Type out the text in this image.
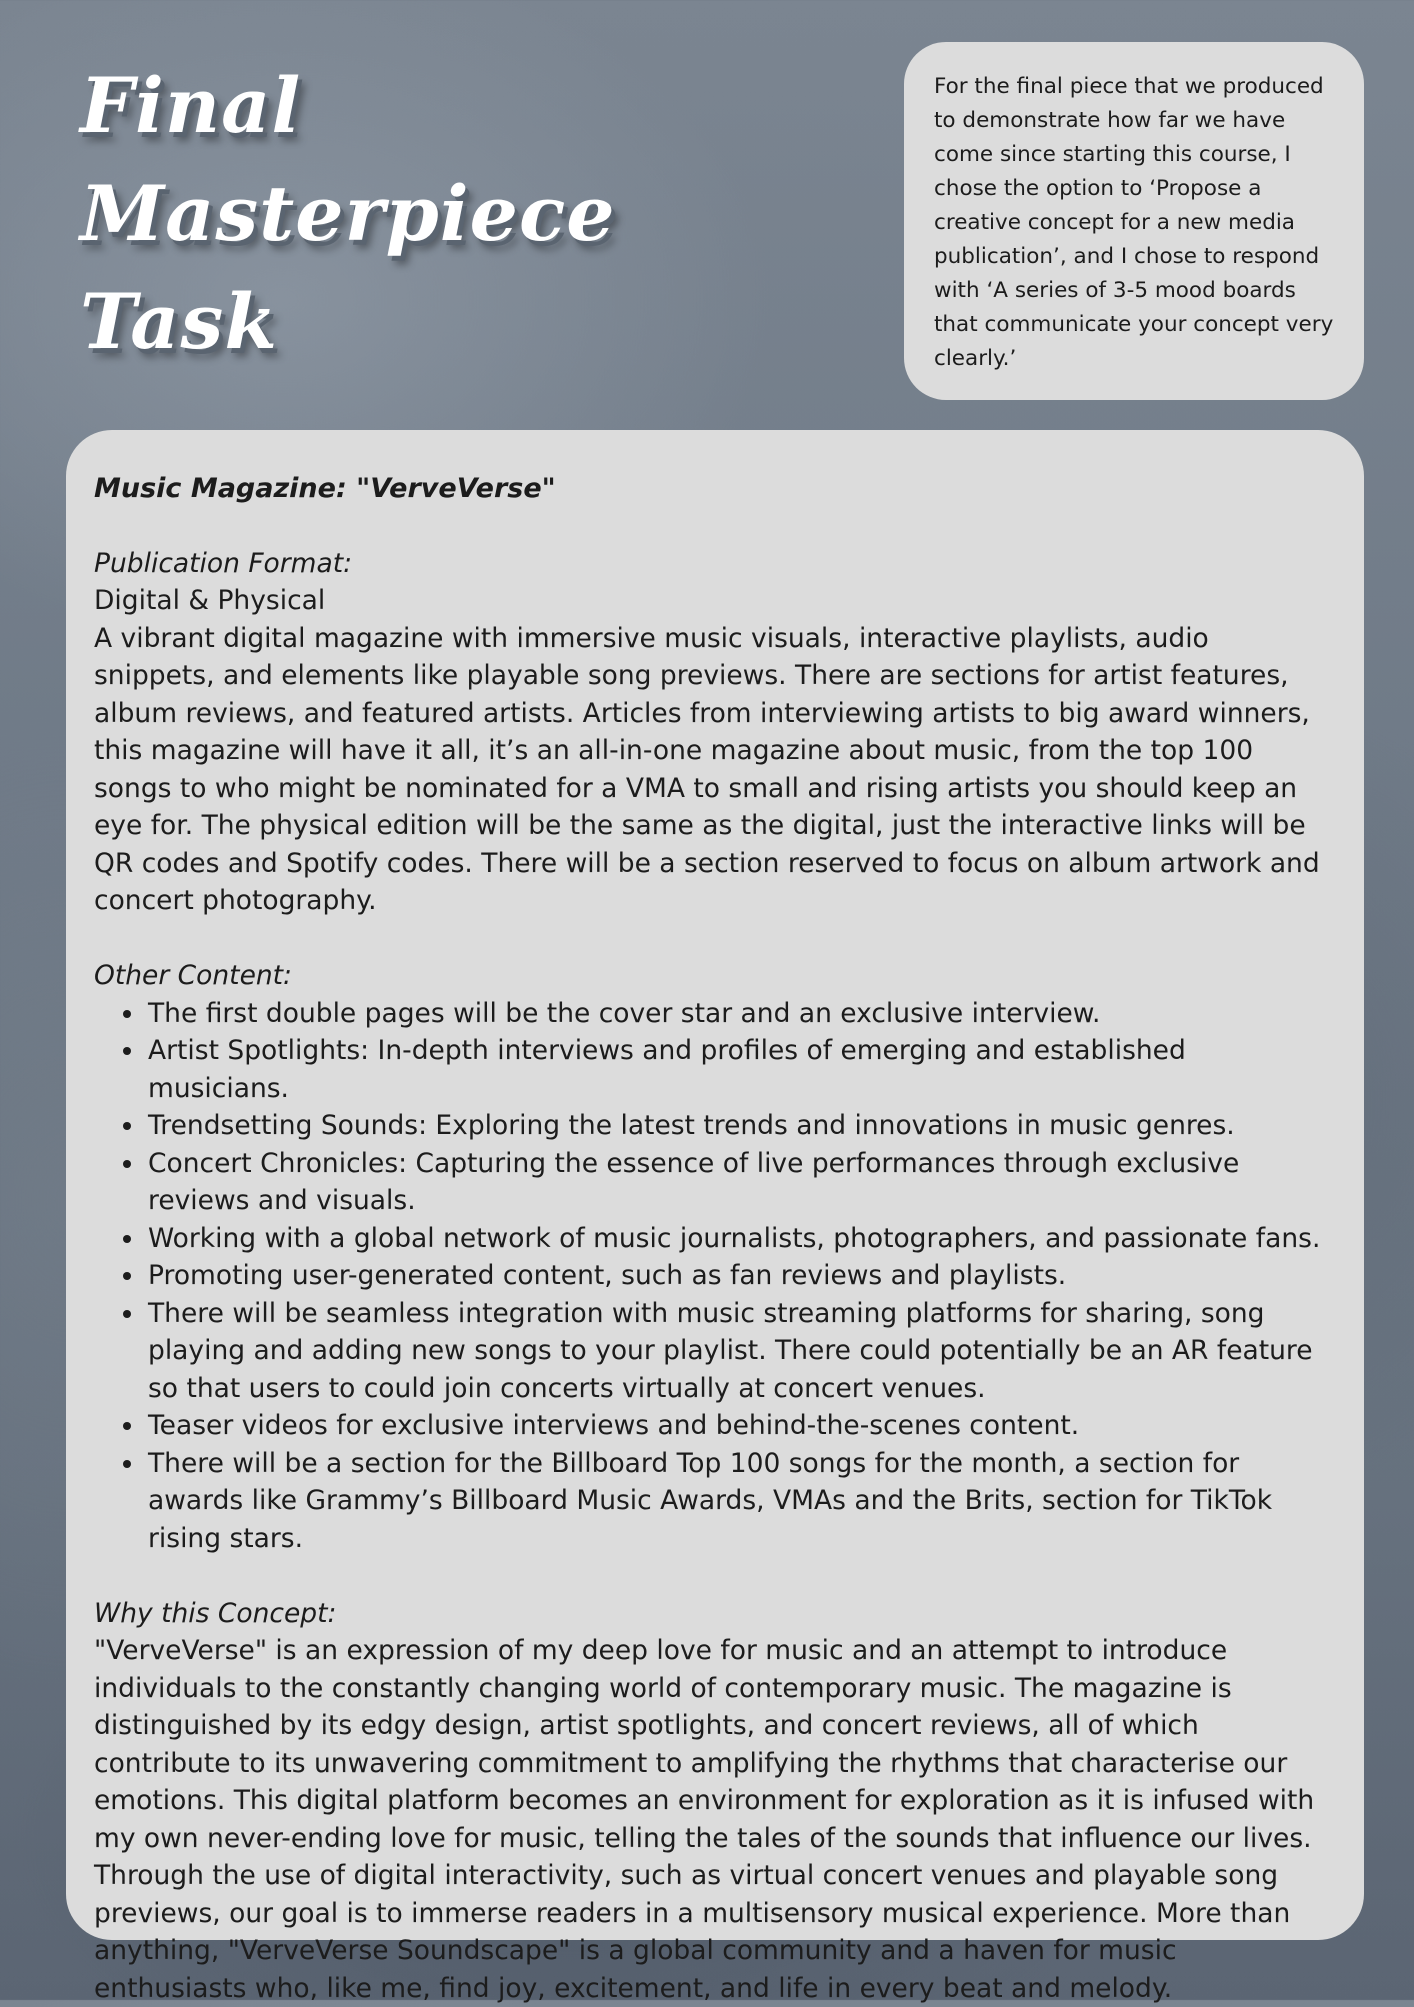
Final
Masterpiece
Task

For the final piece that we produced to demonstrate how far we have come since starting this course, I chose the option to ‘Propose a creative concept for a new media publication’, and I chose to respond with ‘A series of 3-5 mood boards that communicate your concept very clearly.’

Music Magazine: "VerveVerse"

Publication Format:

Digital & Physical

A vibrant digital magazine with immersive music visuals, interactive playlists, audio snippets, and elements like playable song previews. There are sections for artist features, album reviews, and featured artists. Articles from interviewing artists to big award winners, this magazine will have it all, it’s an all-in-one magazine about music, from the top 100 songs to who might be nominated for a VMA to small and rising artists you should keep an eye for. The physical edition will be the same as the digital, just the interactive links will be QR codes and Spotify codes. There will be a section reserved to focus on album artwork and concert photography.

Other Content:

• The first double pages will be the cover star and an exclusive interview.
• Artist Spotlights: In-depth interviews and profiles of emerging and established musicians.
• Trendsetting Sounds: Exploring the latest trends and innovations in music genres.
• Concert Chronicles: Capturing the essence of live performances through exclusive reviews and visuals.
• Working with a global network of music journalists, photographers, and passionate fans.
• Promoting user-generated content, such as fan reviews and playlists.
• There will be seamless integration with music streaming platforms for sharing, song playing and adding new songs to your playlist. There could potentially be an AR feature so that users to could join concerts virtually at concert venues.
• Teaser videos for exclusive interviews and behind-the-scenes content.
• There will be a section for the Billboard Top 100 songs for the month, a section for awards like Grammy’s Billboard Music Awards, VMAs and the Brits, section for TikTok rising stars.

Why this Concept:

"VerveVerse" is an expression of my deep love for music and an attempt to introduce individuals to the constantly changing world of contemporary music. The magazine is distinguished by its edgy design, artist spotlights, and concert reviews, all of which contribute to its unwavering commitment to amplifying the rhythms that characterise our emotions. This digital platform becomes an environment for exploration as it is infused with my own never-ending love for music, telling the tales of the sounds that influence our lives. Through the use of digital interactivity, such as virtual concert venues and playable song previews, our goal is to immerse readers in a multisensory musical experience. More than anything, "VerveVerse Soundscape" is a global community and a haven for music enthusiasts who, like me, find joy, excitement, and life in every beat and melody.
